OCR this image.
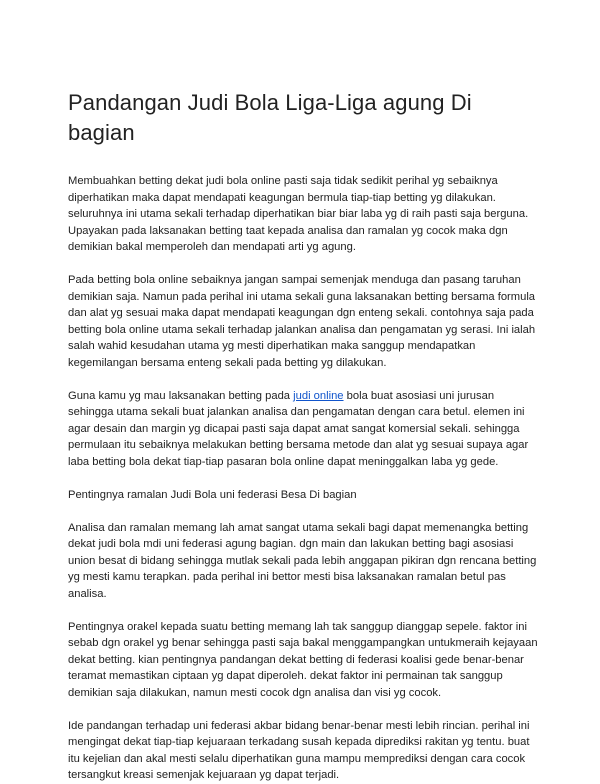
Pandangan Judi Bola Liga-Liga agung Di bagian

Membuahkan betting dekat judi bola online pasti saja tidak sedikit perihal yg sebaiknya diperhatikan maka dapat mendapati keagungan bermula tiap-tiap betting yg dilakukan. seluruhnya ini utama sekali terhadap diperhatikan biar biar laba yg di raih pasti saja berguna. Upayakan pada laksanakan betting taat kepada analisa dan ramalan yg cocok maka dgn demikian bakal memperoleh dan mendapati arti yg agung.

Pada betting bola online sebaiknya jangan sampai semenjak menduga dan pasang taruhan demikian saja. Namun pada perihal ini utama sekali guna laksanakan betting bersama formula dan alat yg sesuai maka dapat mendapati keagungan dgn enteng sekali. contohnya saja pada betting bola online utama sekali terhadap jalankan analisa dan pengamatan yg serasi. Ini ialah salah wahid kesudahan utama yg mesti diperhatikan maka sanggup mendapatkan kegemilangan bersama enteng sekali pada betting yg dilakukan.

Guna kamu yg mau laksanakan betting pada judi online bola buat asosiasi uni jurusan sehingga utama sekali buat jalankan analisa dan pengamatan dengan cara betul. elemen ini agar desain dan margin yg dicapai pasti saja dapat amat sangat komersial sekali. sehingga permulaan itu sebaiknya melakukan betting bersama metode dan alat yg sesuai supaya agar laba betting bola dekat tiap-tiap pasaran bola online dapat meninggalkan laba yg gede.

Pentingnya ramalan Judi Bola uni federasi Besa Di bagian

Analisa dan ramalan memang lah amat sangat utama sekali bagi dapat memenangka betting dekat judi bola mdi uni federasi agung bagian. dgn main dan lakukan betting bagi asosiasi union besat di bidang sehingga mutlak sekali pada lebih anggapan pikiran dgn rencana betting yg mesti kamu terapkan. pada perihal ini bettor mesti bisa laksanakan ramalan betul pas analisa.

Pentingnya orakel kepada suatu betting memang lah tak sanggup dianggap sepele. faktor ini sebab dgn orakel yg benar sehingga pasti saja bakal menggampangkan untukmeraih kejayaan dekat betting. kian pentingnya pandangan dekat betting di federasi koalisi gede benar-benar teramat memastikan ciptaan yg dapat diperoleh. dekat faktor ini permainan tak sanggup demikian saja dilakukan, namun mesti cocok dgn analisa dan visi yg cocok.

Ide pandangan terhadap uni federasi akbar bidang benar-benar mesti lebih rincian. perihal ini mengingat dekat tiap-tiap kejuaraan terkadang susah kepada diprediksi rakitan yg tentu. buat itu kejelian dan akal mesti selalu diperhatikan guna mampu memprediksi dengan cara cocok tersangkut kreasi semenjak kejuaraan yg dapat terjadi.
